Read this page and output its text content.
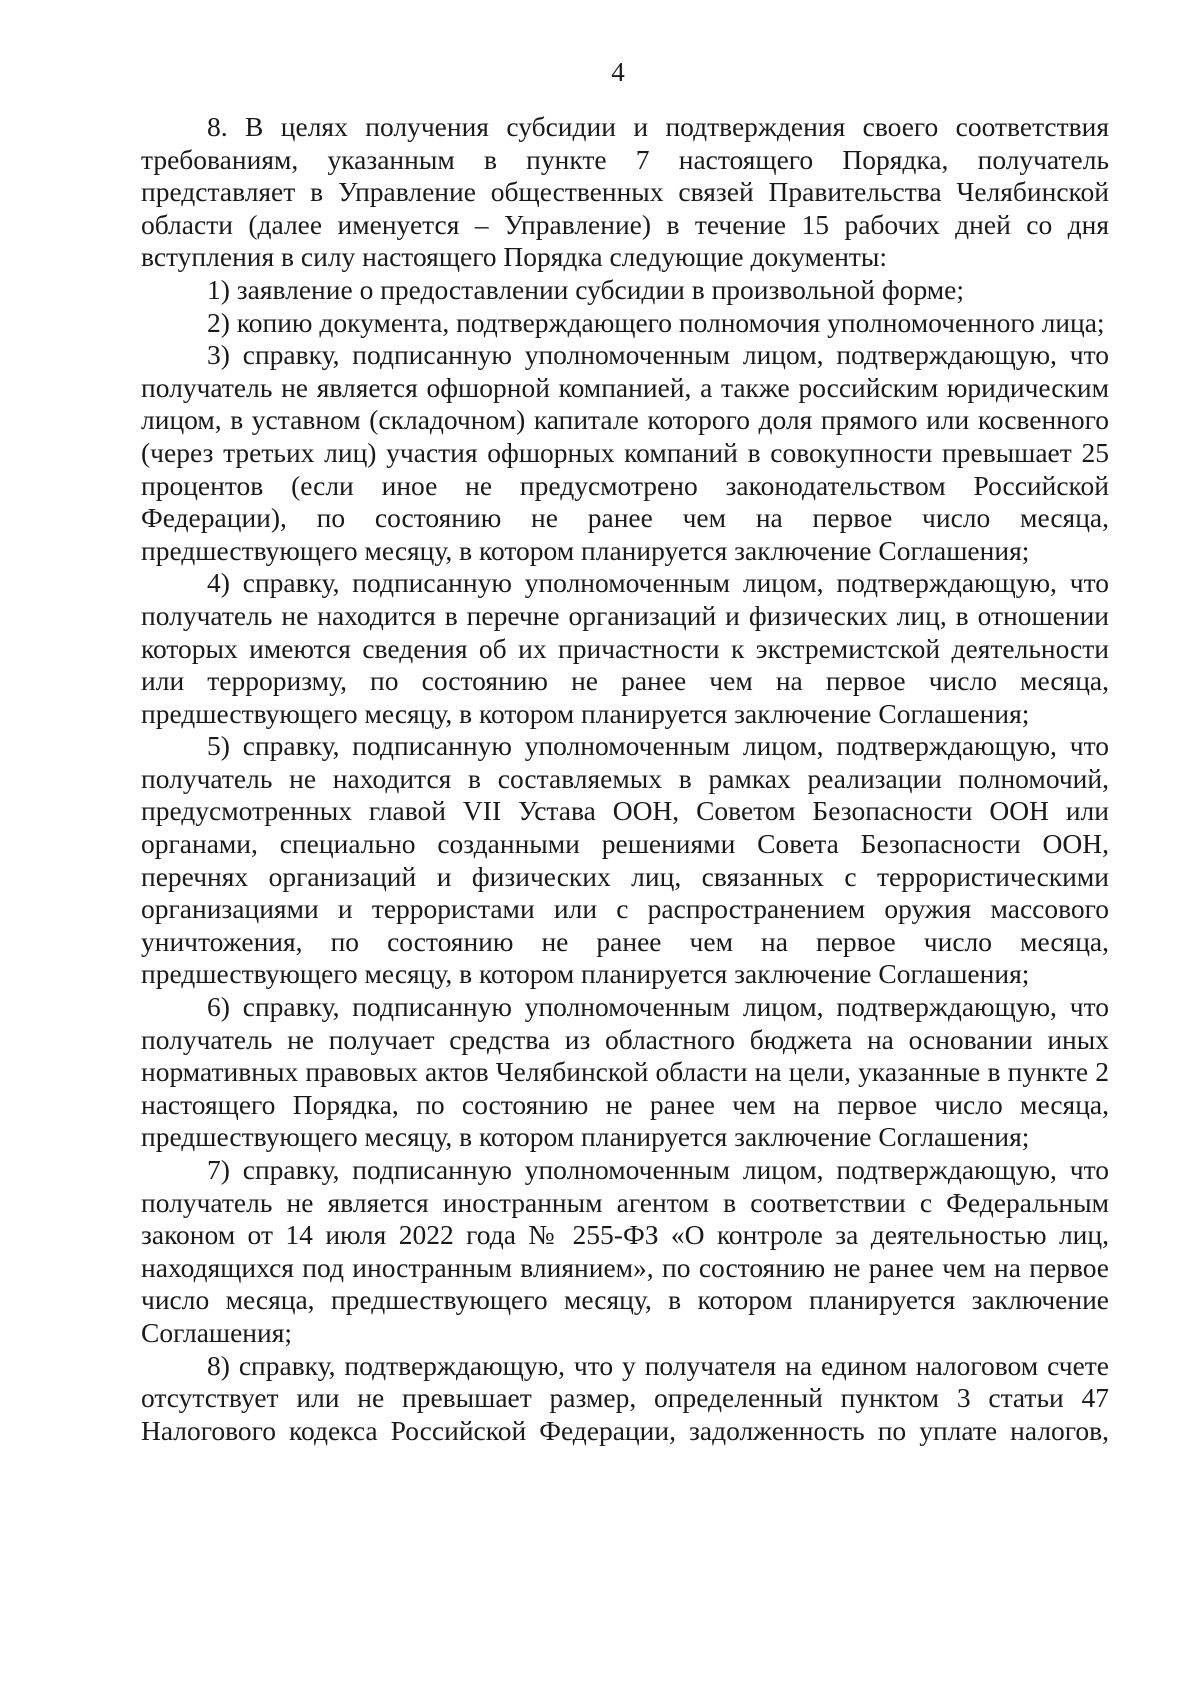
4

8. В целях получения субсидии и подтверждения своего соответствия требованиям, указанным в пункте 7 настоящего Порядка, получатель представляет в Управление общественных связей Правительства Челябинской области (далее именуется – Управление) в течение 15 рабочих дней со дня вступления в силу настоящего Порядка следующие документы:

1) заявление о предоставлении субсидии в произвольной форме;

2) копию документа, подтверждающего полномочия уполномоченного лица;

3) справку, подписанную уполномоченным лицом, подтверждающую, что получатель не является офшорной компанией, а также российским юридическим лицом, в уставном (складочном) капитале которого доля прямого или косвенного (через третьих лиц) участия офшорных компаний в совокупности превышает 25 процентов (если иное не предусмотрено законодательством Российской Федерации), по состоянию не ранее чем на первое число месяца, предшествующего месяцу, в котором планируется заключение Соглашения;

4) справку, подписанную уполномоченным лицом, подтверждающую, что получатель не находится в перечне организаций и физических лиц, в отношении которых имеются сведения об их причастности к экстремистской деятельности или терроризму, по состоянию не ранее чем на первое число месяца, предшествующего месяцу, в котором планируется заключение Соглашения;

5) справку, подписанную уполномоченным лицом, подтверждающую, что получатель не находится в составляемых в рамках реализации полномочий, предусмотренных главой VII Устава ООН, Советом Безопасности ООН или органами, специально созданными решениями Совета Безопасности ООН, перечнях организаций и физических лиц, связанных с террористическими организациями и террористами или с распространением оружия массового уничтожения, по состоянию не ранее чем на первое число месяца, предшествующего месяцу, в котором планируется заключение Соглашения;

6) справку, подписанную уполномоченным лицом, подтверждающую, что получатель не получает средства из областного бюджета на основании иных нормативных правовых актов Челябинской области на цели, указанные в пункте 2 настоящего Порядка, по состоянию не ранее чем на первое число месяца, предшествующего месяцу, в котором планируется заключение Соглашения;

7) справку, подписанную уполномоченным лицом, подтверждающую, что получатель не является иностранным агентом в соответствии с Федеральным законом от 14 июля 2022 года № 255-ФЗ «О контроле за деятельностью лиц, находящихся под иностранным влиянием», по состоянию не ранее чем на первое число месяца, предшествующего месяцу, в котором планируется заключение Соглашения;

8) справку, подтверждающую, что у получателя на едином налоговом счете отсутствует или не превышает размер, определенный пунктом 3 статьи 47 Налогового кодекса Российской Федерации, задолженность по уплате налогов,
